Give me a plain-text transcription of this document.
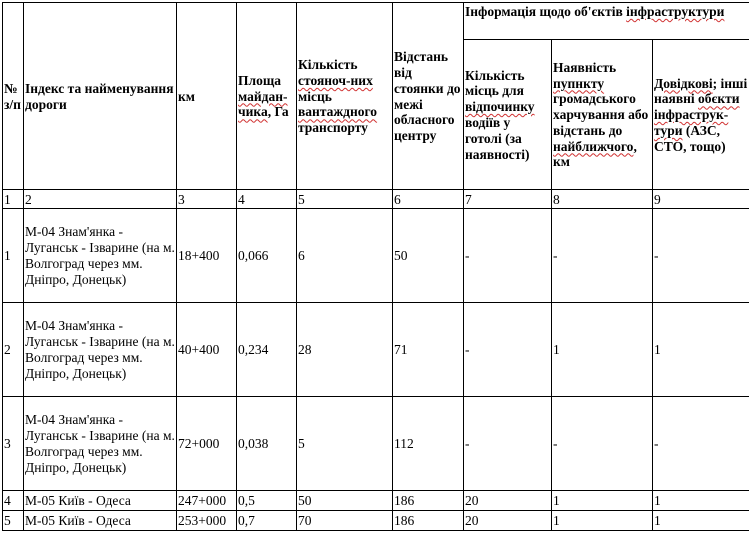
№ з/п	Індекс та найменування дороги	км	Площа майдан-чика, Га	Кількість стояноч-них місць вантаждного транспорту	Відстань від стоянки до межі обласного центру	Інформація щодо об'єктів інфраструктури		
						Кількість місць для відпочинку водіїв у готолі (за наявності)	Наявність пупнкту громадського харчування або відстань до найближчого, км	Довідкові; інші наявні обєкти інфраструк-тури (АЗС, СТО, тощо)
1	2	3	4	5	6	7	8	9
1	М-04 Знам'янка - Луганськ - Ізварине (на м. Волгоград через мм. Дніпро, Донецьк)	18+400	0,066	6	50	-	-	-
2	М-04 Знам'янка - Луганськ - Ізварине (на м. Волгоград через мм. Дніпро, Донецьк)	40+400	0,234	28	71	-	1	1
3	М-04 Знам'янка - Луганськ - Ізварине (на м. Волгоград через мм. Дніпро, Донецьк)	72+000	0,038	5	112	-	-	-
4	М-05 Київ - Одеса	247+000	0,5	50	186	20	1	1
5	М-05 Київ - Одеса	253+000	0,7	70	186	20	1	1
